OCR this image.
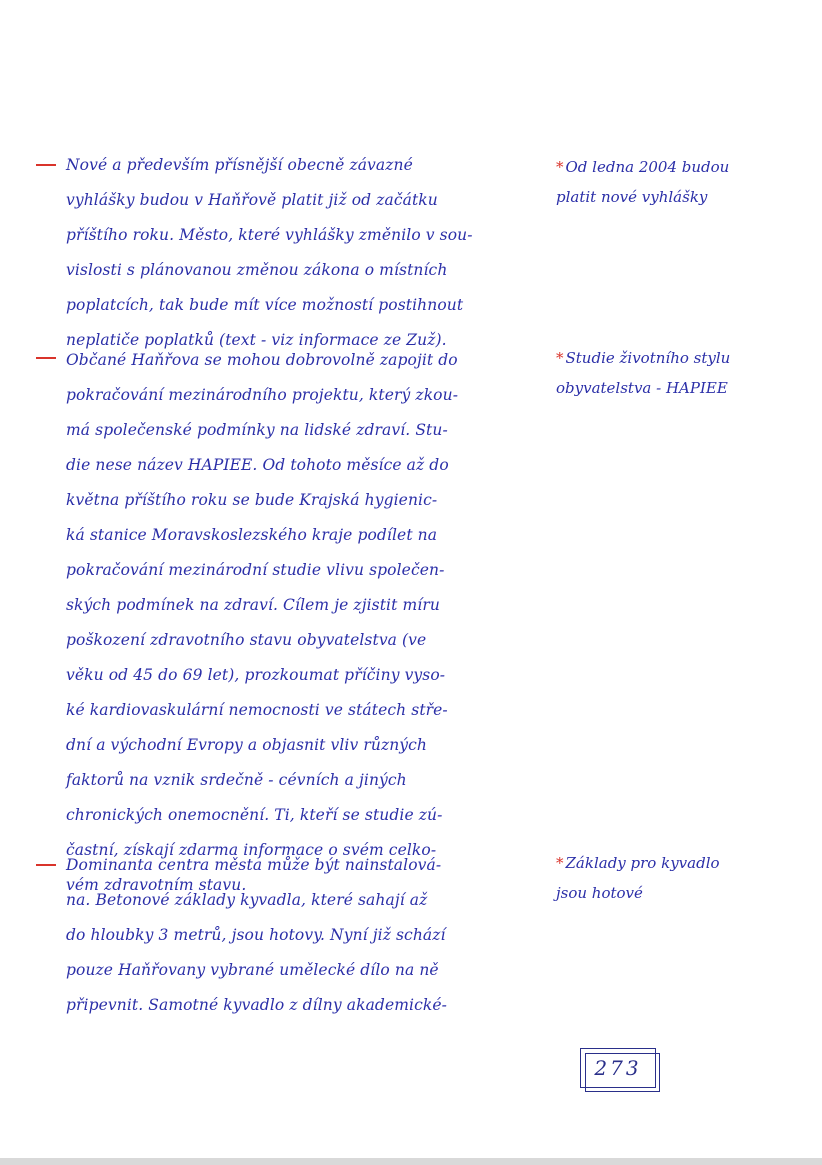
Nové a především přísnější obecně závazné
vyhlášky budou v Haňřově platit již od začátku
příštího roku. Město, které vyhlášky změnilo v sou-
vislosti s plánovanou změnou zákona o místních
poplatcích, tak bude mít více možností postihnout
neplatiče poplatků (text - viz informace ze Zuž).
* Od ledna 2004 budou
platit nové vyhlášky
Občané Haňřova se mohou dobrovolně zapojit do
pokračování mezinárodního projektu, který zkou-
má společenské podmínky na lidské zdraví. Stu-
die nese název HAPIEE. Od tohoto měsíce až do
května příštího roku se bude Krajská hygienic-
ká stanice Moravskoslezského kraje podílet na
pokračování mezinárodní studie vlivu společen-
ských podmínek na zdraví. Cílem je zjistit míru
poškození zdravotního stavu obyvatelstva (ve
věku od 45 do 69 let), prozkoumat příčiny vyso-
ké kardiovaskulární nemocnosti ve státech stře-
dní a východní Evropy a objasnit vliv různých
faktorů na vznik srdečně - cévních a jiných
chronických onemocnění. Ti, kteří se studie zú-
častní, získají zdarma informace o svém celko-
vém zdravotním stavu.
* Studie životního stylu
obyvatelstva - HAPIEE
Dominanta centra města může být nainstalová-
na. Betonové základy kyvadla, které sahají až
do hloubky 3 metrů, jsou hotovy. Nyní již schází
pouze Haňřovany vybrané umělecké dílo na ně
připevnit. Samotné kyvadlo z dílny akademické-
* Základy pro kyvadlo
jsou hotové
273
